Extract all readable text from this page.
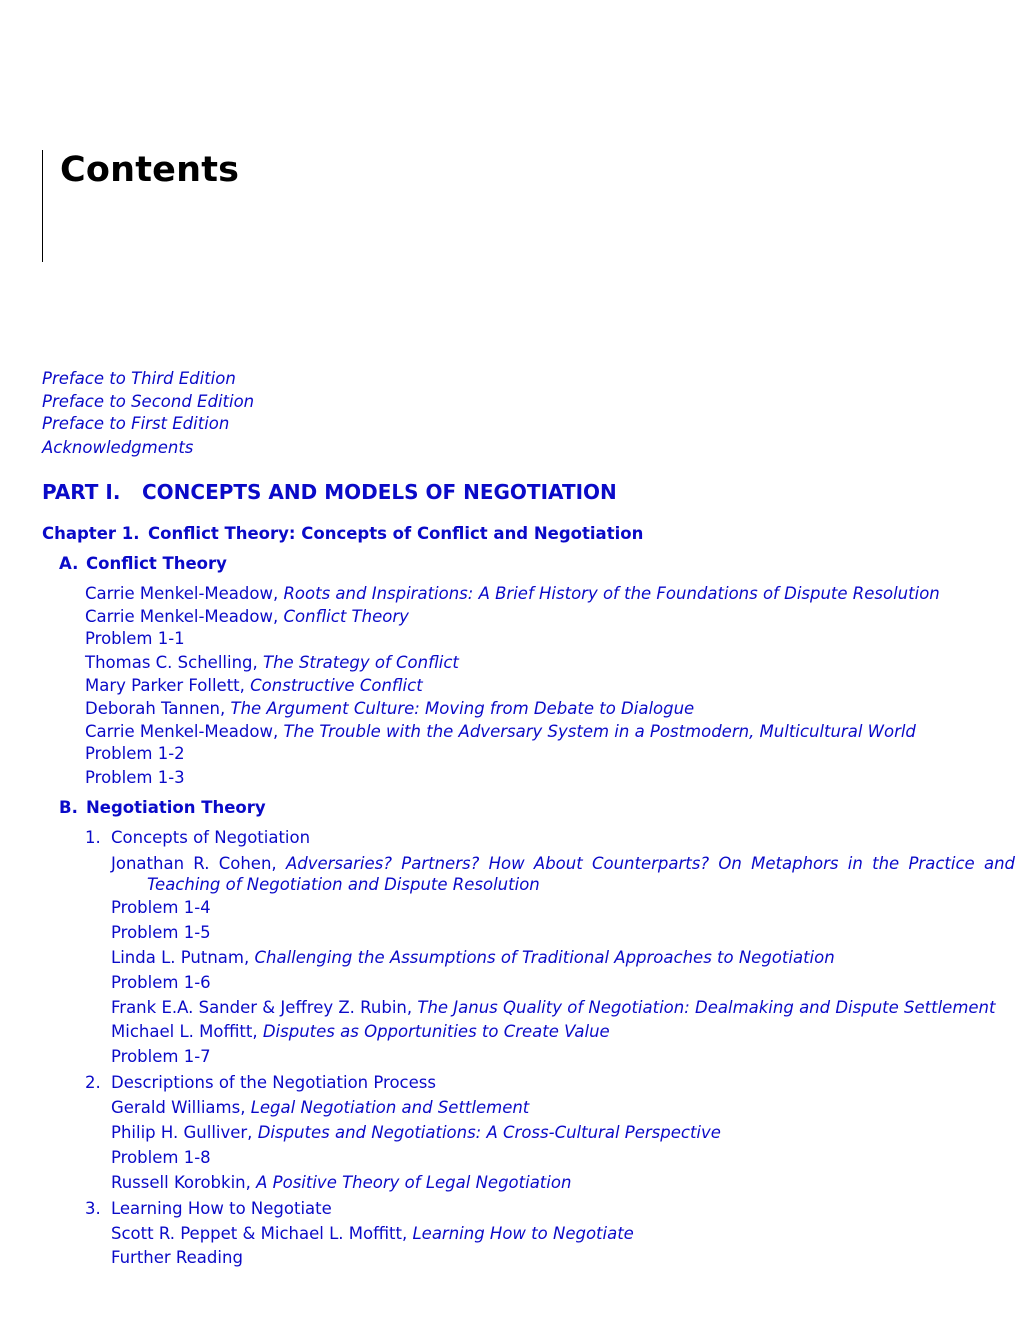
Contents
Preface to Third Edition
Preface to Second Edition
Preface to First Edition
Acknowledgments
PART I. CONCEPTS AND MODELS OF NEGOTIATION
Chapter 1. Conflict Theory: Concepts of Conflict and Negotiation
A. Conflict Theory
Carrie Menkel-Meadow, Roots and Inspirations: A Brief History of the Foundations of Dispute Resolution
Carrie Menkel-Meadow, Conflict Theory
Problem 1-1
Thomas C. Schelling, The Strategy of Conflict
Mary Parker Follett, Constructive Conflict
Deborah Tannen, The Argument Culture: Moving from Debate to Dialogue
Carrie Menkel-Meadow, The Trouble with the Adversary System in a Postmodern, Multicultural World
Problem 1-2
Problem 1-3
B. Negotiation Theory
1. Concepts of Negotiation
Jonathan R. Cohen, Adversaries? Partners? How About Counterparts? On Metaphors in the Practice and Teaching of Negotiation and Dispute Resolution
Problem 1-4
Problem 1-5
Linda L. Putnam, Challenging the Assumptions of Traditional Approaches to Negotiation
Problem 1-6
Frank E.A. Sander & Jeffrey Z. Rubin, The Janus Quality of Negotiation: Dealmaking and Dispute Settlement
Michael L. Moffitt, Disputes as Opportunities to Create Value
Problem 1-7
2. Descriptions of the Negotiation Process
Gerald Williams, Legal Negotiation and Settlement
Philip H. Gulliver, Disputes and Negotiations: A Cross-Cultural Perspective
Problem 1-8
Russell Korobkin, A Positive Theory of Legal Negotiation
3. Learning How to Negotiate
Scott R. Peppet & Michael L. Moffitt, Learning How to Negotiate
Further Reading
